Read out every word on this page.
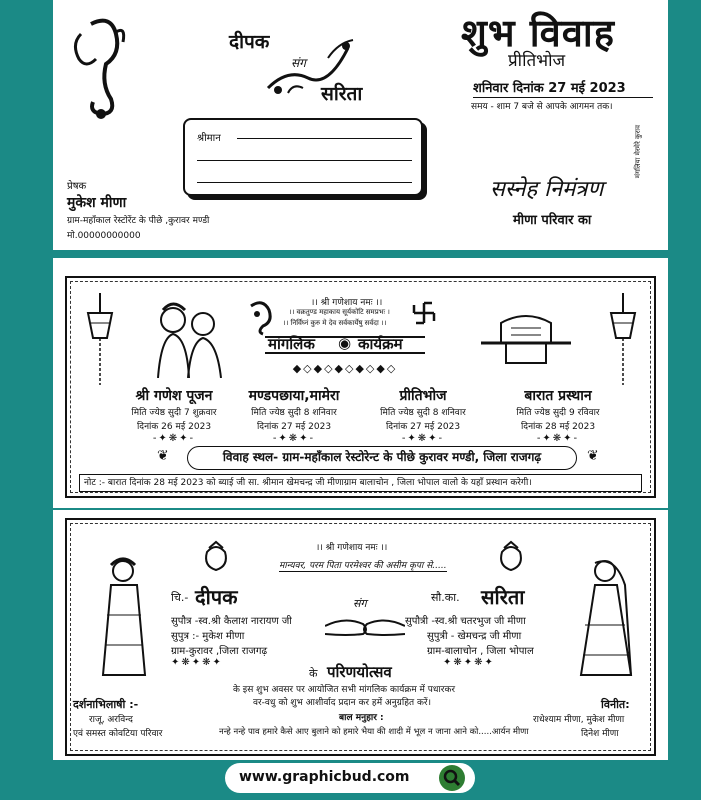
दीपक
संग
सरिता
शुभ विवाह
प्रीतिभोज
शनिवार दिनांक 27 मई 2023
समय - शाम 7 बजे से आपके आगमन तक।
श्रीमान	मंगलिया मेरमेरे कुराव
प्रेषक
मुकेश मीणा
ग्राम-महाँकाल रेस्टोरेंट के पीछे ,कुरावर मण्डी
मो.00000000000
सस्नेह निमंत्रण
मीणा परिवार का
।। श्री गणेशाय नमः ।।
।। वक्रतुण्ड महाकाय सूर्यकोटि समप्रभः ।
।। निर्विघ्नं कुरु मे देव सर्वकार्येषु सर्वदा ।।
मांगलिक ◉ कार्यक्रम
◆◇◆◇◆◇◆◇◆◇
श्री गणेश पूजन
मिति ज्येष्ठ सुदी 7 शुक्रवार
दिनांक 26 मई 2023
-✦❋✦-
मण्डपछाया,मामेरा
मिति ज्येष्ठ सुदी 8 शनिवार
दिनांक 27 मई 2023
-✦❋✦-
प्रीतिभोज
मिति ज्येष्ठ सुदी 8 शनिवार
दिनांक 27 मई 2023
-✦❋✦-
बारात प्रस्थान
मिति ज्येष्ठ सुदी 9 रविवार
दिनांक 28 मई 2023
-✦❋✦-
❦	विवाह स्थल- ग्राम-महाँकाल रेस्टोरेन्ट के पीछे कुरावर मण्डी, जिला राजगढ़	❦
नोट :- बारात दिनांक 28 मई 2023 को ब्याई जी सा. श्रीमान खेमचन्द्र जी मीणाग्राम बालाचोन , जिला भोपाल वालो के यहाँ प्रस्थान करेगी।
।। श्री गणेशाय नमः ।।
मान्यवर, परम पिता परमेश्वर की असीम कृपा से.....
चि.- दीपक
सुपौत्र -स्व.श्री कैलाश नारायण जी
सुपुत्र :- मुकेश मीणा
ग्राम-कुरावर ,जिला राजगढ़
✦❋✦❋✦
संग	सौ.का. सरिता
सुपौत्री -स्व.श्री चतरभुज जी मीणा
सुपुत्री - खेमचन्द्र जी मीणा
ग्राम-बालाचोन , जिला भोपाल
✦❋✦❋✦
के परिणयोत्सव
के इस शुभ अवसर पर आयोजित सभी मांगलिक कार्यक्रम में पधारकर
वर-वधु को शुभ आशीर्वाद प्रदान कर हमें अनुग्रहित करें।
दर्शनाभिलाषी :-
राजू, अरविन्द
एवं समस्त कोवटिया परिवार
बाल मनुहार :
नन्हे नन्हे पाव हमारे कैसे आए बुलाने को हमारे भैया की शादी में भूल न जाना आने को.....आर्यन मीणा
विनीत:
राधेश्याम मीणा, मुकेश मीणा
दिनेश मीणा
www.graphicbud.com
